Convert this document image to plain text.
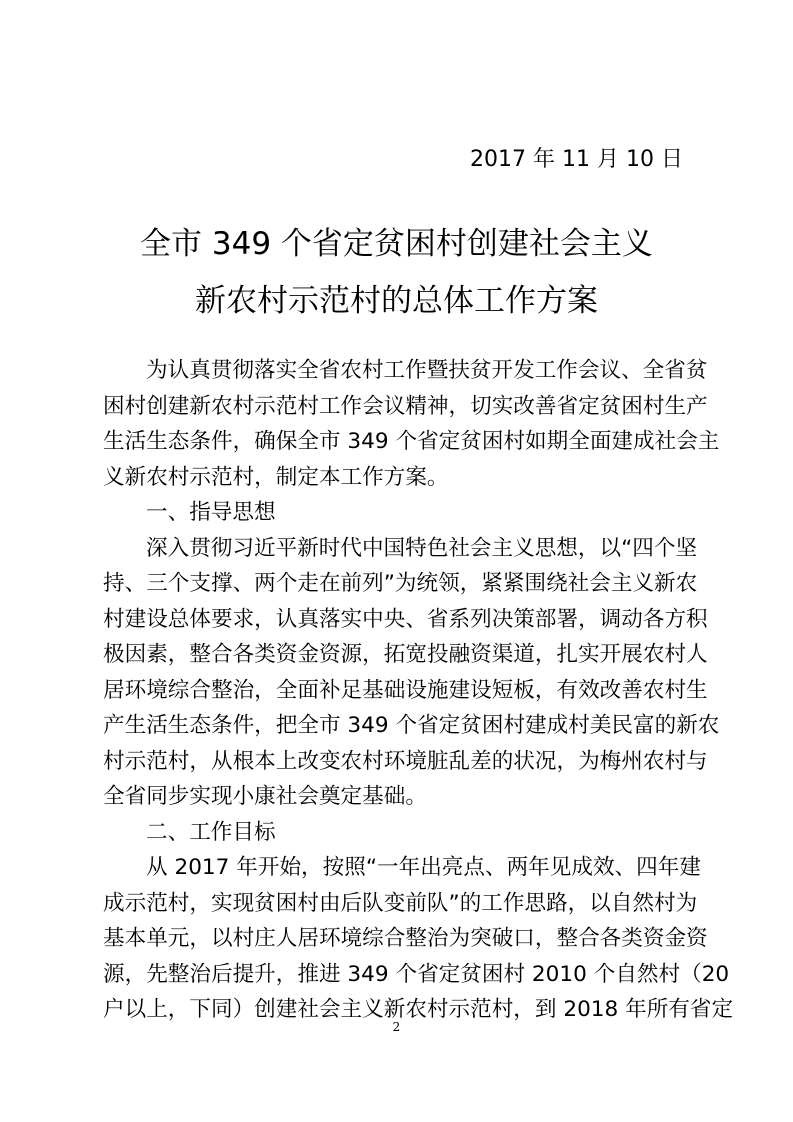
2017 年 11 月 10 日
全市 349 个省定贫困村创建社会主义
新农村示范村的总体工作方案
为认真贯彻落实全省农村工作暨扶贫开发工作会议、全省贫
困村创建新农村示范村工作会议精神，切实改善省定贫困村生产
生活生态条件，确保全市 349 个省定贫困村如期全面建成社会主
义新农村示范村，制定本工作方案。
一、指导思想
深入贯彻习近平新时代中国特色社会主义思想，以“四个坚
持、三个支撑、两个走在前列”为统领，紧紧围绕社会主义新农
村建设总体要求，认真落实中央、省系列决策部署，调动各方积
极因素，整合各类资金资源，拓宽投融资渠道，扎实开展农村人
居环境综合整治，全面补足基础设施建设短板，有效改善农村生
产生活生态条件，把全市 349 个省定贫困村建成村美民富的新农
村示范村，从根本上改变农村环境脏乱差的状况，为梅州农村与
全省同步实现小康社会奠定基础。
二、工作目标
从 2017 年开始，按照“一年出亮点、两年见成效、四年建
成示范村，实现贫困村由后队变前队”的工作思路，以自然村为
基本单元，以村庄人居环境综合整治为突破口，整合各类资金资
源，先整治后提升，推进 349 个省定贫困村 2010 个自然村（20
户以上，下同）创建社会主义新农村示范村，到 2018 年所有省定
2
